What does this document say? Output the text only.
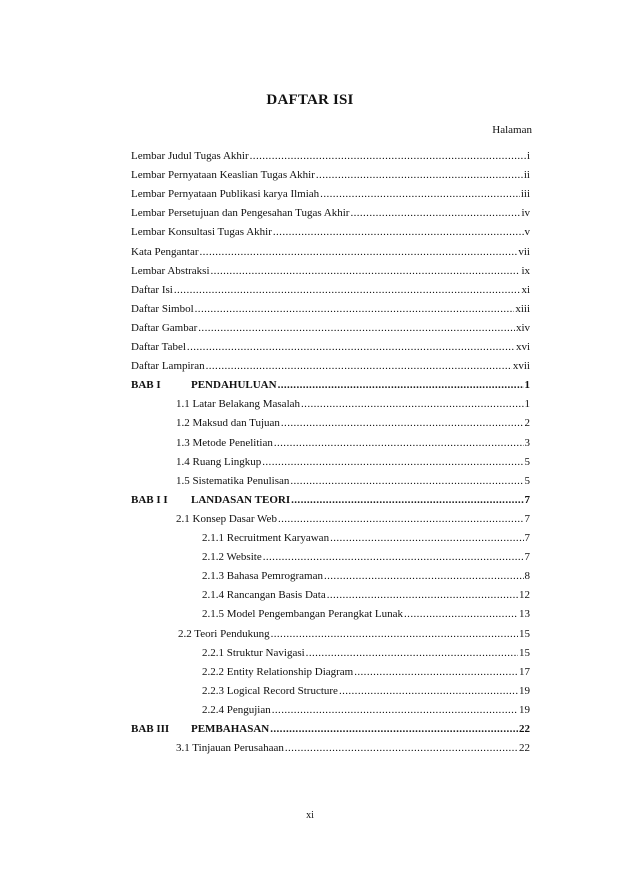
DAFTAR ISI
Halaman
Lembar Judul Tugas Akhir .....	i
Lembar Pernyataan Keaslian Tugas Akhir .....	ii
Lembar Pernyataan Publikasi karya Ilmiah .....	iii
Lembar Persetujuan dan Pengesahan Tugas Akhir .....	iv
Lembar Konsultasi Tugas Akhir .....	v
Kata Pengantar .....	vii
Lembar Abstraksi .....	ix
Daftar Isi .....	xi
Daftar Simbol .....	xiii
Daftar Gambar .....	xiv
Daftar Tabel .....	xvi
Daftar Lampiran .....	xvii
BAB I	PENDAHULUAN .....	1
1.1 Latar Belakang Masalah .....	1
1.2 Maksud dan Tujuan .....	2
1.3 Metode Penelitian .....	3
1.4 Ruang Lingkup .....	5
1.5 Sistematika Penulisan .....	5
BAB I I LANDASAN TEORI .....	7
2.1 Konsep Dasar Web .....	7
2.1.1 Recruitment Karyawan .....	7
2.1.2 Website .....	7
2.1.3 Bahasa Pemrograman .....	8
2.1.4 Rancangan Basis Data .....	12
2.1.5 Model Pengembangan Perangkat Lunak .....	13
2.2 Teori Pendukung .....	15
2.2.1 Struktur Navigasi .....	15
2.2.2 Entity Relationship Diagram .....	17
2.2.3 Logical Record Structure .....	19
2.2.4 Pengujian .....	19
BAB III PEMBAHASAN .....	22
3.1 Tinjauan Perusahaan .....	22
xi
